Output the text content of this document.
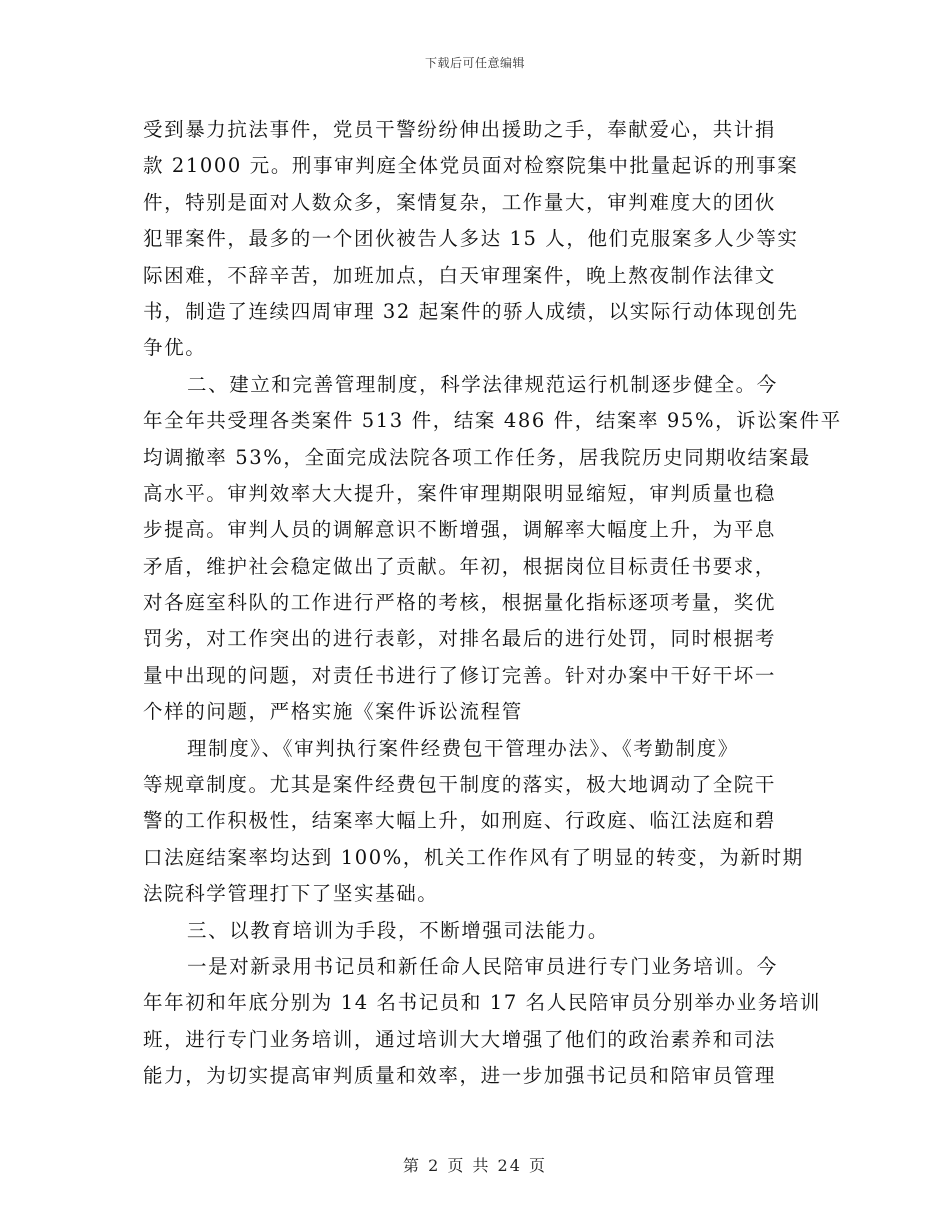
下载后可任意编辑
受到暴力抗法事件，党员干警纷纷伸出援助之手，奉献爱心，共计捐
款 21000 元。刑事审判庭全体党员面对检察院集中批量起诉的刑事案
件，特别是面对人数众多，案情复杂，工作量大，审判难度大的团伙
犯罪案件，最多的一个团伙被告人多达 15 人，他们克服案多人少等实
际困难，不辞辛苦，加班加点，白天审理案件，晚上熬夜制作法律文
书，制造了连续四周审理 32 起案件的骄人成绩，以实际行动体现创先
争优。
二、建立和完善管理制度，科学法律规范运行机制逐步健全。今
年全年共受理各类案件 513 件，结案 486 件，结案率 95%，诉讼案件平
均调撤率 53%，全面完成法院各项工作任务，居我院历史同期收结案最
高水平。审判效率大大提升，案件审理期限明显缩短，审判质量也稳
步提高。审判人员的调解意识不断增强，调解率大幅度上升，为平息
矛盾，维护社会稳定做出了贡献。年初，根据岗位目标责任书要求，
对各庭室科队的工作进行严格的考核，根据量化指标逐项考量，奖优
罚劣，对工作突出的进行表彰，对排名最后的进行处罚，同时根据考
量中出现的问题，对责任书进行了修订完善。针对办案中干好干坏一
个样的问题，严格实施《案件诉讼流程管
理制度》、《审判执行案件经费包干管理办法》、《考勤制度》
等规章制度。尤其是案件经费包干制度的落实，极大地调动了全院干
警的工作积极性，结案率大幅上升，如刑庭、行政庭、临江法庭和碧
口法庭结案率均达到 100%，机关工作作风有了明显的转变，为新时期
法院科学管理打下了坚实基础。
三、以教育培训为手段，不断增强司法能力。
一是对新录用书记员和新任命人民陪审员进行专门业务培训。今
年年初和年底分别为 14 名书记员和 17 名人民陪审员分别举办业务培训
班，进行专门业务培训，通过培训大大增强了他们的政治素养和司法
能力，为切实提高审判质量和效率，进一步加强书记员和陪审员管理
第 2 页 共 24 页
